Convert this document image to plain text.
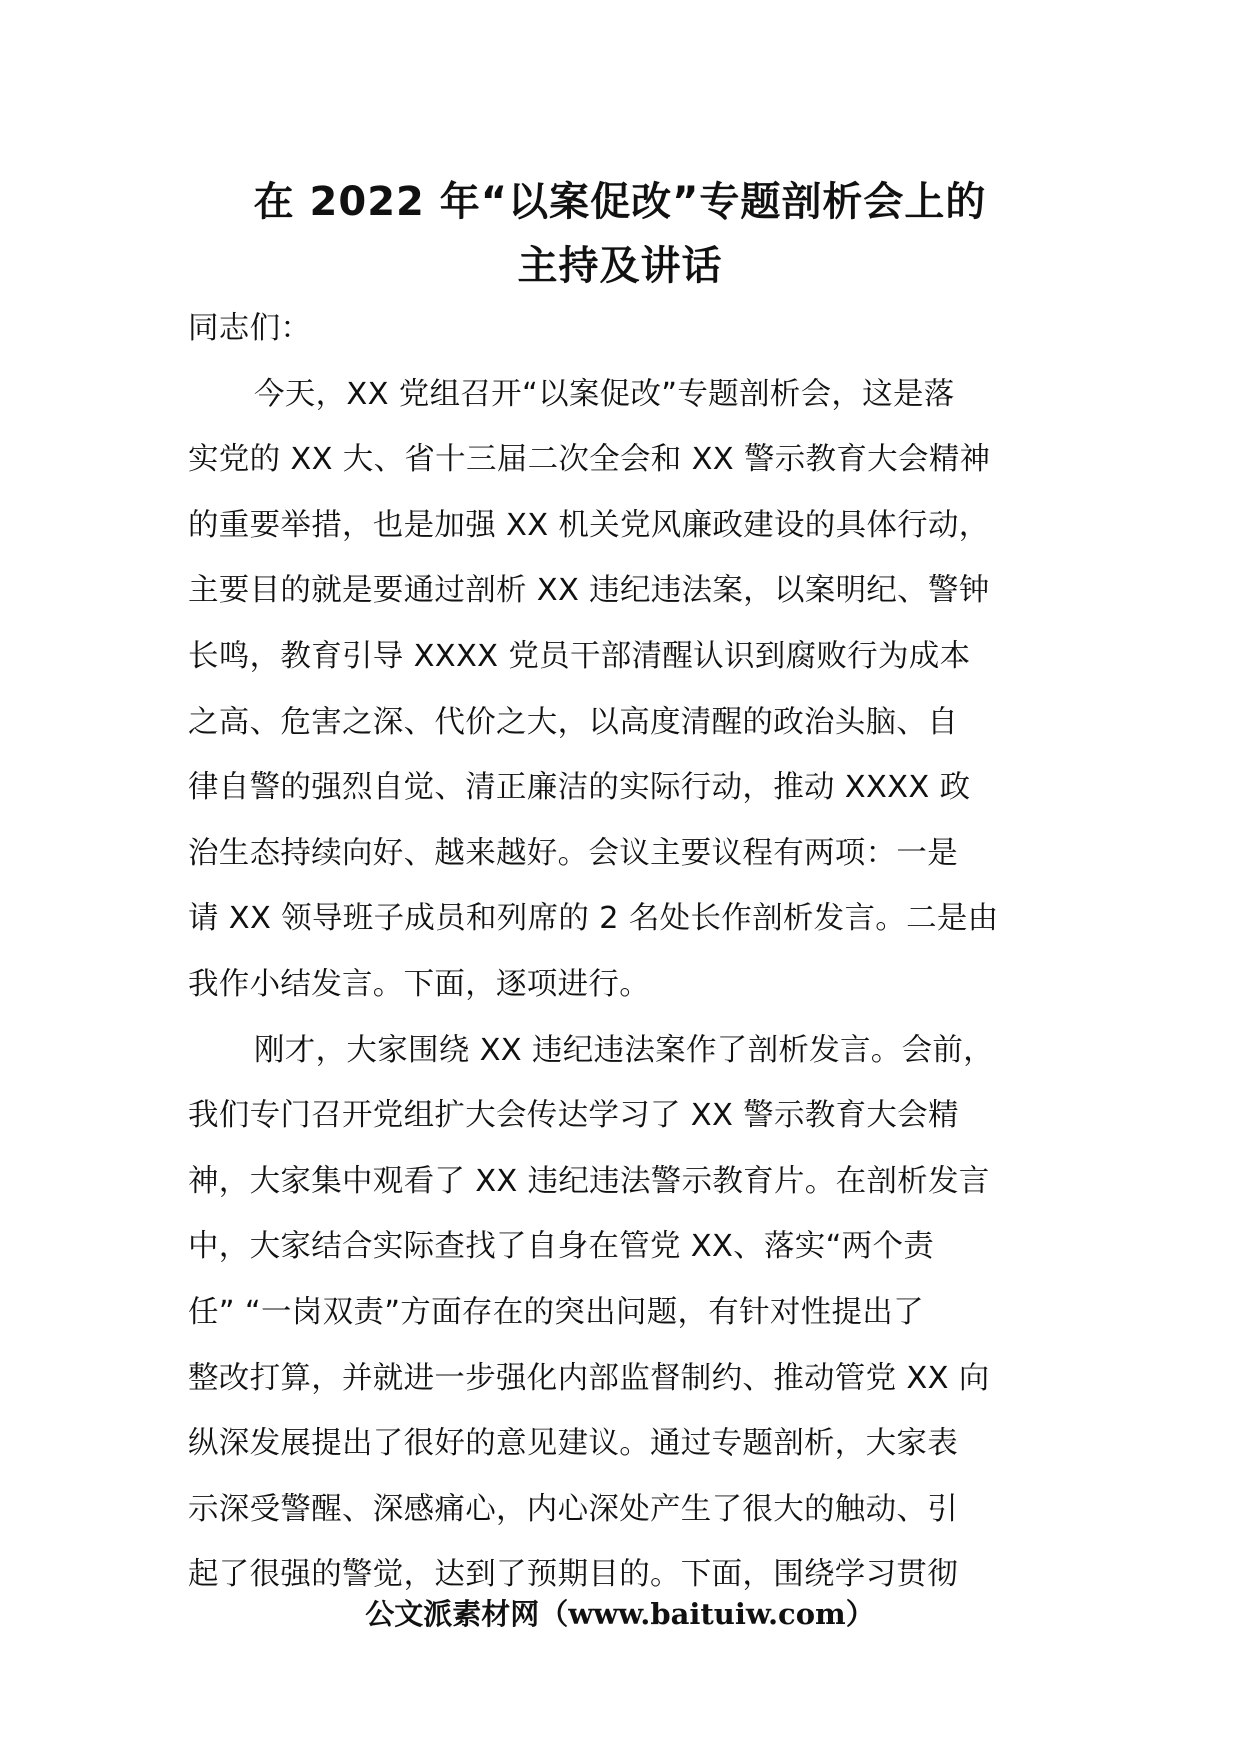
在 2022 年“以案促改”专题剖析会上的
主持及讲话
同志们：
今天，XX 党组召开“以案促改”专题剖析会，这是落
实党的 XX 大、省十三届二次全会和 XX 警示教育大会精神
的重要举措，也是加强 XX 机关党风廉政建设的具体行动，
主要目的就是要通过剖析 XX 违纪违法案，以案明纪、警钟
长鸣，教育引导 XXXX 党员干部清醒认识到腐败行为成本
之高、危害之深、代价之大，以高度清醒的政治头脑、自
律自警的强烈自觉、清正廉洁的实际行动，推动 XXXX 政
治生态持续向好、越来越好。会议主要议程有两项：一是
请 XX 领导班子成员和列席的 2 名处长作剖析发言。二是由
我作小结发言。下面，逐项进行。
刚才，大家围绕 XX 违纪违法案作了剖析发言。会前，
我们专门召开党组扩大会传达学习了 XX 警示教育大会精
神，大家集中观看了 XX 违纪违法警示教育片。在剖析发言
中，大家结合实际查找了自身在管党 XX、落实“两个责
任” “一岗双责”方面存在的突出问题，有针对性提出了
整改打算，并就进一步强化内部监督制约、推动管党 XX 向
纵深发展提出了很好的意见建议。通过专题剖析，大家表
示深受警醒、深感痛心，内心深处产生了很大的触动、引
起了很强的警觉，达到了预期目的。下面，围绕学习贯彻
公文派素材网（www.baituiw.com）
